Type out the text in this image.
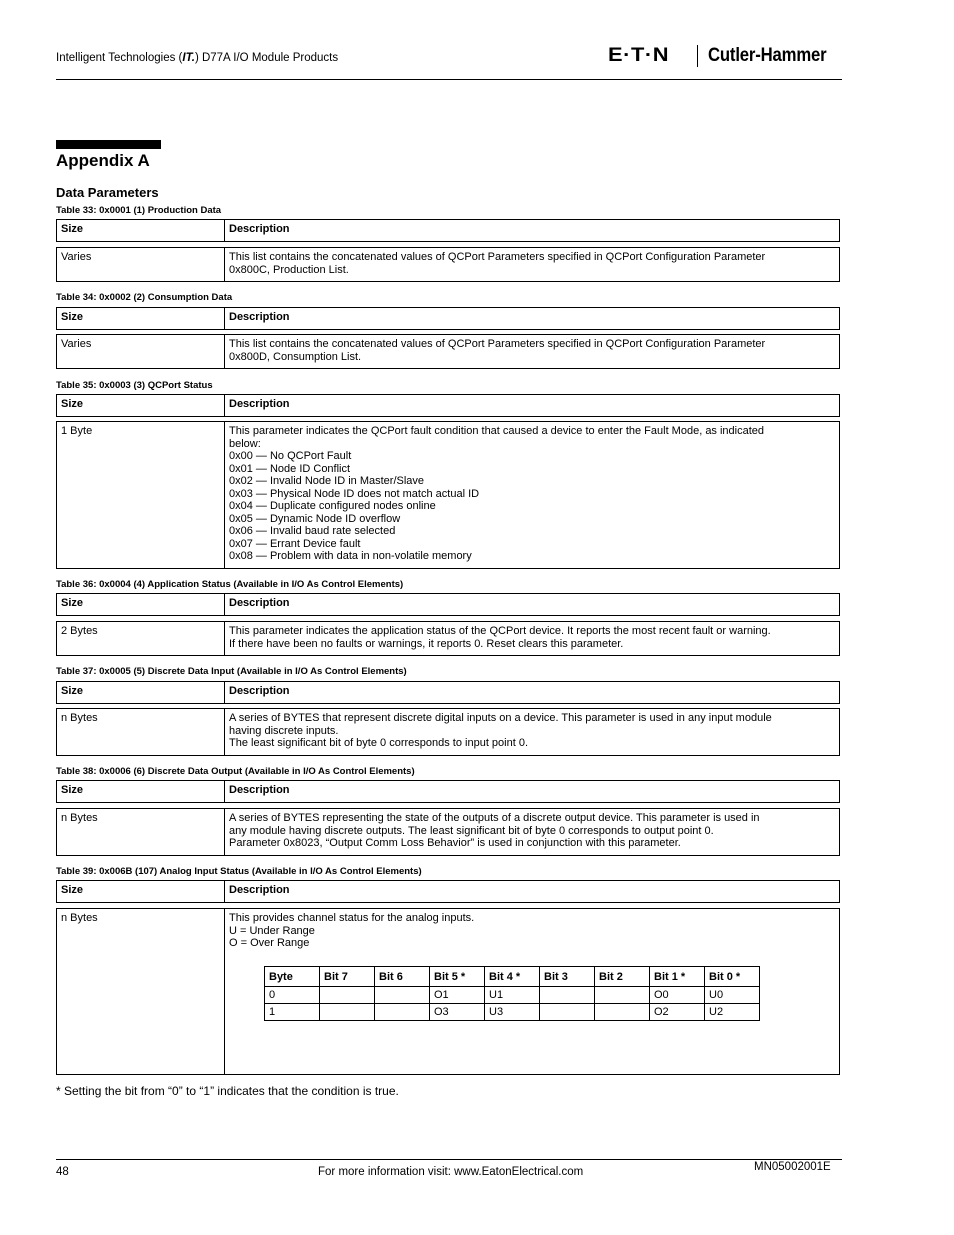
Intelligent Technologies (IT.) D77A I/O Module Products	E·T·N Cutler-Hammer
Appendix A
Data Parameters
Table 33: 0x0001 (1) Production Data
Size	Description
Varies	This list contains the concatenated values of QCPort Parameters specified in QCPort Configuration Parameter
0x800C, Production List.
Table 34: 0x0002 (2) Consumption Data
Size	Description
Varies	This list contains the concatenated values of QCPort Parameters specified in QCPort Configuration Parameter
0x800D, Consumption List.
Table 35: 0x0003 (3) QCPort Status
Size	Description
1 Byte	This parameter indicates the QCPort fault condition that caused a device to enter the Fault Mode, as indicated
below:
0x00 — No QCPort Fault
0x01 — Node ID Conflict
0x02 — Invalid Node ID in Master/Slave
0x03 — Physical Node ID does not match actual ID
0x04 — Duplicate configured nodes online
0x05 — Dynamic Node ID overflow
0x06 — Invalid baud rate selected
0x07 — Errant Device fault
0x08 — Problem with data in non-volatile memory
Table 36: 0x0004 (4) Application Status (Available in I/O As Control Elements)
Size	Description
2 Bytes	This parameter indicates the application status of the QCPort device. It reports the most recent fault or warning.
If there have been no faults or warnings, it reports 0. Reset clears this parameter.
Table 37: 0x0005 (5) Discrete Data Input (Available in I/O As Control Elements)
Size	Description
n Bytes	A series of BYTES that represent discrete digital inputs on a device. This parameter is used in any input module
having discrete inputs.
The least significant bit of byte 0 corresponds to input point 0.
Table 38: 0x0006 (6) Discrete Data Output (Available in I/O As Control Elements)
Size	Description
n Bytes	A series of BYTES representing the state of the outputs of a discrete output device. This parameter is used in
any module having discrete outputs. The least significant bit of byte 0 corresponds to output point 0.
Parameter 0x8023, “Output Comm Loss Behavior” is used in conjunction with this parameter.
Table 39: 0x006B (107) Analog Input Status (Available in I/O As Control Elements)
Size	Description
n Bytes	This provides channel status for the analog inputs.
U = Under Range
O = Over Range
Byte	Bit 7	Bit 6	Bit 5 *	Bit 4 *	Bit 3	Bit 2	Bit 1 *	Bit 0 *
0			O1	U1			O0	U0
1			O3	U3			O2	U2
* Setting the bit from “0” to “1” indicates that the condition is true.
48	For more information visit: www.EatonElectrical.com	MN05002001E
